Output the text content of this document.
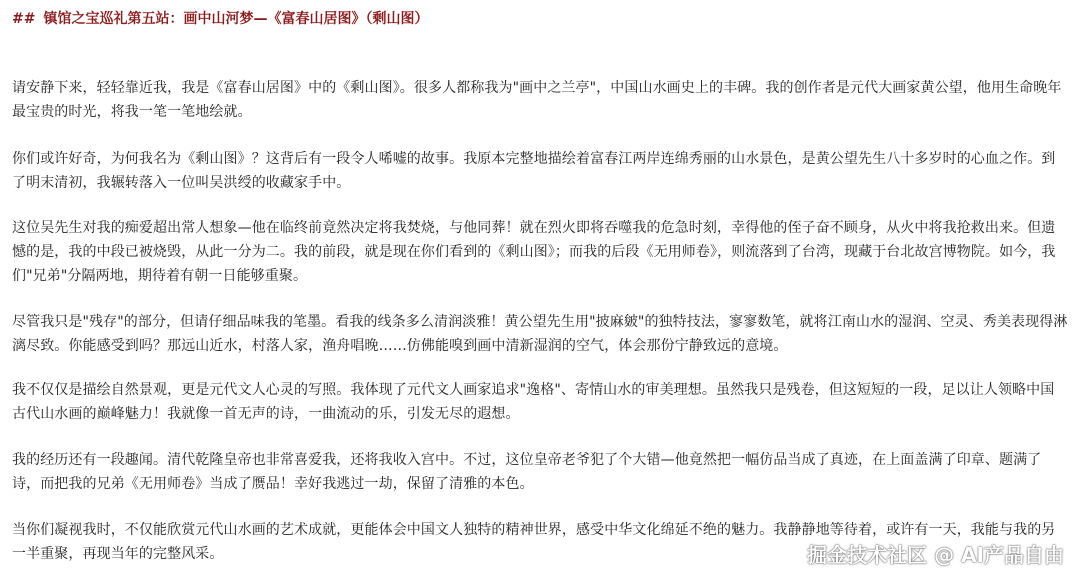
## 镇馆之宝巡礼第五站：画中山河梦—《富春山居图》（剩山图）

请安静下来，轻轻靠近我，我是《富春山居图》中的《剩山图》。很多人都称我为"画中之兰亭"，中国山水画史上的丰碑。我的创作者是元代大画家黄公望，他用生命晚年最宝贵的时光，将我一笔一笔地绘就。

你们或许好奇，为何我名为《剩山图》？这背后有一段令人唏嘘的故事。我原本完整地描绘着富春江两岸连绵秀丽的山水景色，是黄公望先生八十多岁时的心血之作。到了明末清初，我辗转落入一位叫吴洪绶的收藏家手中。

这位吴先生对我的痴爱超出常人想象—他在临终前竟然决定将我焚烧，与他同葬！就在烈火即将吞噬我的危急时刻，幸得他的侄子奋不顾身，从火中将我抢救出来。但遗憾的是，我的中段已被烧毁，从此一分为二。我的前段，就是现在你们看到的《剩山图》；而我的后段《无用师卷》，则流落到了台湾，现藏于台北故宫博物院。如今，我们"兄弟"分隔两地，期待着有朝一日能够重聚。

尽管我只是"残存"的部分，但请仔细品味我的笔墨。看我的线条多么清润淡雅！黄公望先生用"披麻皴"的独特技法，寥寥数笔，就将江南山水的湿润、空灵、秀美表现得淋漓尽致。你能感受到吗？那远山近水，村落人家，渔舟唱晚……仿佛能嗅到画中清新湿润的空气，体会那份宁静致远的意境。

我不仅仅是描绘自然景观，更是元代文人心灵的写照。我体现了元代文人画家追求"逸格"、寄情山水的审美理想。虽然我只是残卷，但这短短的一段，足以让人领略中国古代山水画的巅峰魅力！我就像一首无声的诗，一曲流动的乐，引发无尽的遐想。

我的经历还有一段趣闻。清代乾隆皇帝也非常喜爱我，还将我收入宫中。不过，这位皇帝老爷犯了个大错—他竟然把一幅仿品当成了真迹，在上面盖满了印章、题满了诗，而把我的兄弟《无用师卷》当成了赝品！幸好我逃过一劫，保留了清雅的本色。

当你们凝视我时，不仅能欣赏元代山水画的艺术成就，更能体会中国文人独特的精神世界，感受中华文化绵延不绝的魅力。我静静地等待着，或许有一天，我能与我的另一半重聚，再现当年的完整风采。	掘金技术社区 @ AI产品自由
